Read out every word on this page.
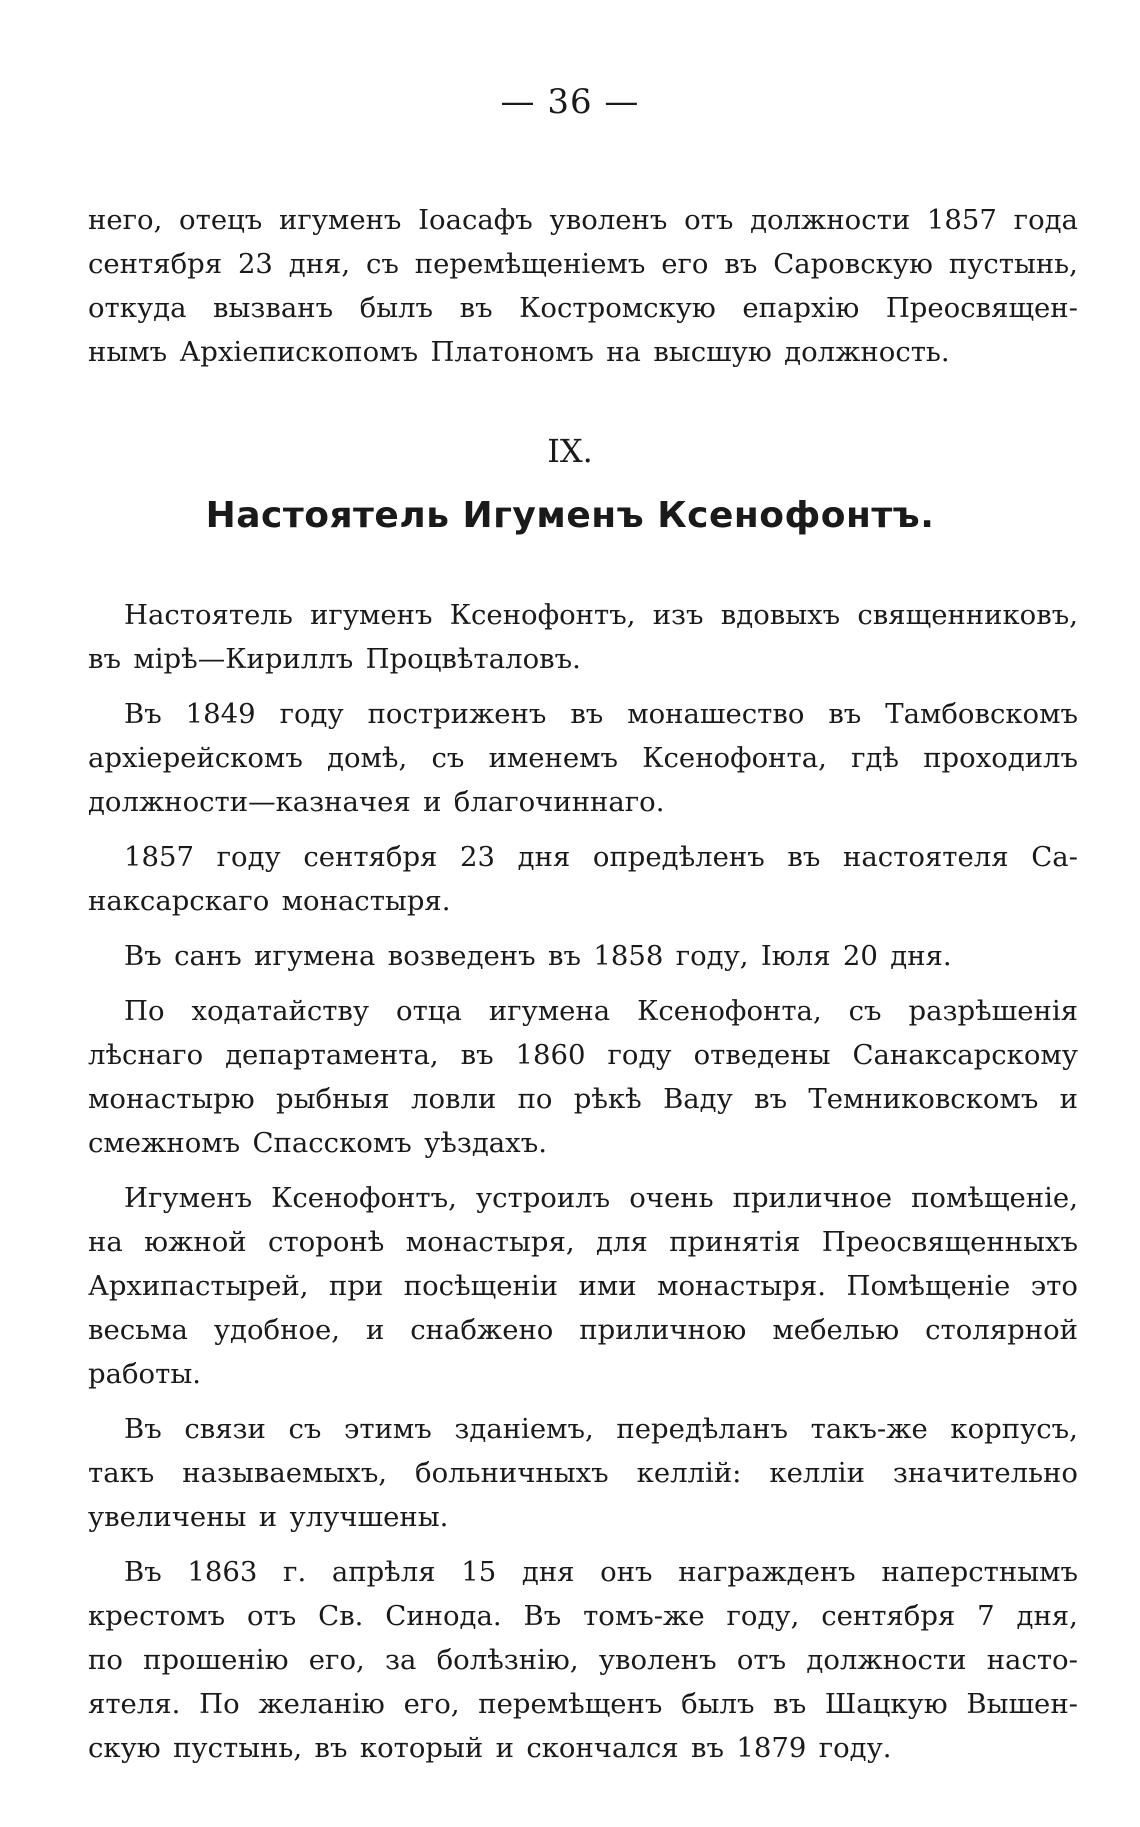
— 36 —
него, отецъ игуменъ Іоасафъ уволенъ отъ должности 1857 года
сентября 23 дня, съ перемѣщеніемъ его въ Саровскую пустынь,
откуда вызванъ былъ въ Костромскую епархію Преосвящен-
нымъ Архіепископомъ Платономъ на высшую должность.
IX.
Настоятель Игуменъ Ксенофонтъ.
Настоятель игуменъ Ксенофонтъ, изъ вдовыхъ священниковъ,
въ мірѣ—Кириллъ Процвѣталовъ.
Въ 1849 году постриженъ въ монашество въ Тамбовскомъ
архіерейскомъ домѣ, съ именемъ Ксенофонта, гдѣ проходилъ
должности—казначея и благочиннаго.
1857 году сентября 23 дня опредѣленъ въ настоятеля Са-
наксарскаго монастыря.
Въ санъ игумена возведенъ въ 1858 году, Іюля 20 дня.
По ходатайству отца игумена Ксенофонта, съ разрѣшенія
лѣснаго департамента, въ 1860 году отведены Санаксарскому
монастырю рыбныя ловли по рѣкѣ Ваду въ Темниковскомъ и
смежномъ Спасскомъ уѣздахъ.
Игуменъ Ксенофонтъ, устроилъ очень приличное помѣщеніе,
на южной сторонѣ монастыря, для принятія Преосвященныхъ
Архипастырей, при посѣщеніи ими монастыря. Помѣщеніе это
весьма удобное, и снабжено приличною мебелью столярной
работы.
Въ связи съ этимъ зданіемъ, передѣланъ такъ-же корпусъ,
такъ называемыхъ, больничныхъ келлій: келліи значительно
увеличены и улучшены.
Въ 1863 г. апрѣля 15 дня онъ награжденъ наперстнымъ
крестомъ отъ Св. Синода. Въ томъ-же году, сентября 7 дня,
по прошенію его, за болѣзнію, уволенъ отъ должности насто-
ятеля. По желанію его, перемѣщенъ былъ въ Шацкую Вышен-
скую пустынь, въ который и скончался въ 1879 году.
